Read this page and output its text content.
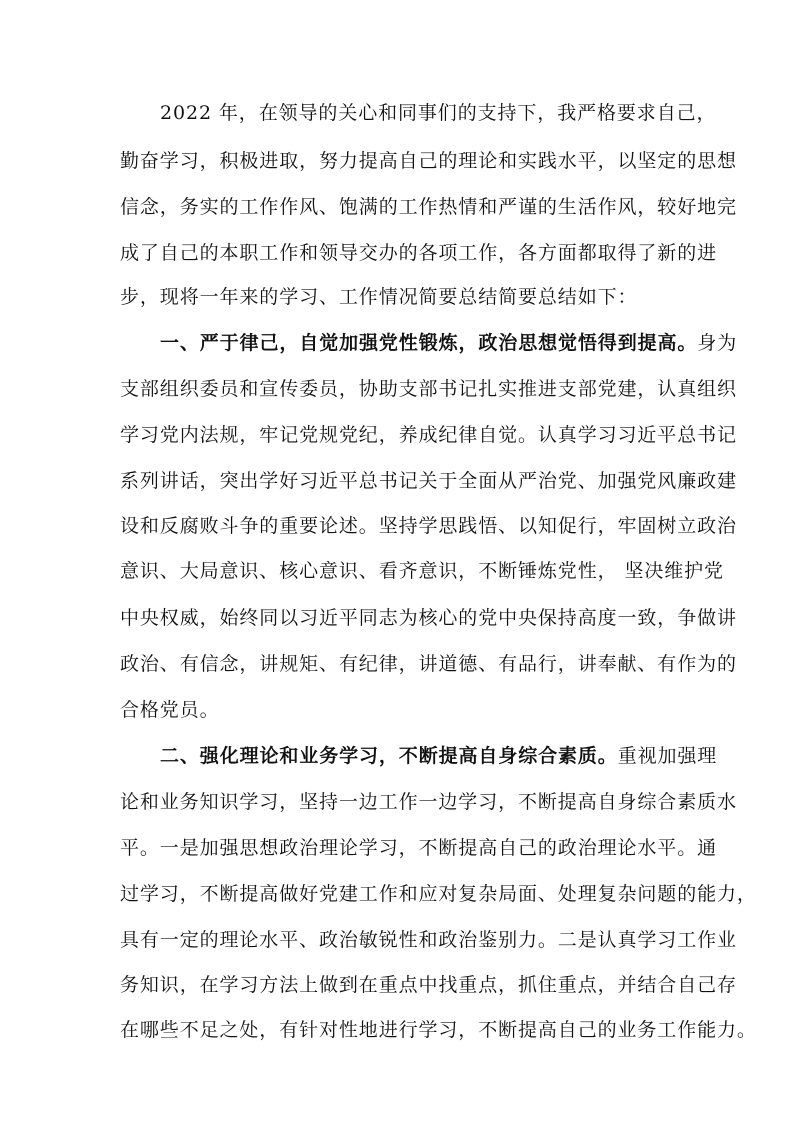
2022 年，在领导的关心和同事们的支持下，我严格要求自己，
勤奋学习，积极进取，努力提高自己的理论和实践水平，以坚定的思想
信念，务实的工作作风、饱满的工作热情和严谨的生活作风，较好地完
成了自己的本职工作和领导交办的各项工作，各方面都取得了新的进
步，现将一年来的学习、工作情况简要总结简要总结如下：
一、严于律己，自觉加强党性锻炼，政治思想觉悟得到提高。身为
支部组织委员和宣传委员，协助支部书记扎实推进支部党建，认真组织
学习党内法规，牢记党规党纪，养成纪律自觉。认真学习习近平总书记
系列讲话，突出学好习近平总书记关于全面从严治党、加强党风廉政建
设和反腐败斗争的重要论述。坚持学思践悟、以知促行，牢固树立政治
意识、大局意识、核心意识、看齐意识，不断锤炼党性， 坚决维护党
中央权威，始终同以习近平同志为核心的党中央保持高度一致，争做讲
政治、有信念，讲规矩、有纪律，讲道德、有品行，讲奉献、有作为的
合格党员。
二、强化理论和业务学习，不断提高自身综合素质。重视加强理
论和业务知识学习，坚持一边工作一边学习，不断提高自身综合素质水
平。一是加强思想政治理论学习，不断提高自己的政治理论水平。通
过学习，不断提高做好党建工作和应对复杂局面、处理复杂问题的能力，
具有一定的理论水平、政治敏锐性和政治鉴别力。二是认真学习工作业
务知识，在学习方法上做到在重点中找重点，抓住重点，并结合自己存
在哪些不足之处，有针对性地进行学习，不断提高自己的业务工作能力。
